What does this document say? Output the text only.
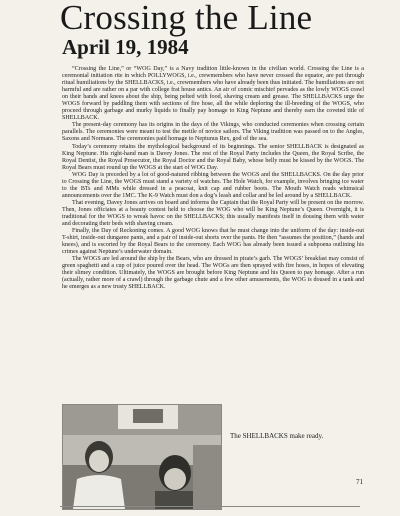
Crossing the Line
April 19, 1984

“Crossing the Line,” or “WOG Day,” is a Navy tradition little-known in the civilian world. Crossing the Line is a ceremonial initiation rite in which POLLYWOGS, i.e., crewmembers who have never crossed the equator, are put through ritual humiliations by the SHELLBACKS, i.e., crewmembers who have already been thus initiated. The humiliations are not harmful and are rather on a par with college frat house antics. An air of comic mischief pervades as the lowly WOGS crawl on their hands and knees about the ship, being pelted with food, shaving cream and grease. The SHELLBACKS urge the WOGS forward by paddling them with sections of fire hose, all the while deploring the ill-breeding of the WOGS, who proceed through garbage and murky liquids to finally pay homage to King Neptune and thereby earn the coveted title of SHELLBACK.

The present-day ceremony has its origins in the days of the Vikings, who conducted ceremonies when crossing certain parallels. The ceremonies were meant to test the mettle of novice sailors. The Viking tradition was passed on to the Angles, Saxons and Normans. The ceremonies paid homage to Neptunus Rex, god of the sea.

Today’s ceremony retains the mythological background of its beginnings. The senior SHELLBACK is designated as King Neptune. His right-hand man is Davey Jones. The rest of the Royal Party includes the Queen, the Royal Scribe, the Royal Dentist, the Royal Prosecutor, the Royal Doctor and the Royal Baby, whose belly must be kissed by the WOGS. The Royal Bears must round up the WOGS at the start of WOG Day.

WOG Day is preceded by a lot of good-natured ribbing between the WOGS and the SHELLBACKS. On the day prior to Crossing the Line, the WOGS must stand a variety of watches. The Hole Watch, for example, involves bringing ice water to the BTs and MMs while dressed in a peacoat, knit cap and rubber boots. The Mouth Watch reads whimsical announcements over the 1MC. The K-9 Watch must don a dog’s leash and collar and be led around by a SHELLBACK.

That evening, Davey Jones arrives on board and informs the Captain that the Royal Party will be present on the morrow. Then, Jones officiates at a beauty contest held to choose the WOG who will be King Neptune’s Queen. Overnight, it is traditional for the WOGS to wreak havoc on the SHELLBACKS; this usually manifests itself in dousing them with water and decorating their beds with shaving cream.

Finally, the Day of Reckoning comes. A good WOG knows that he must change into the uniform of the day: inside-out T-shirt, inside-out dungaree pants, and a pair of inside-out shorts over the pants. He then “assumes the position,” (hands and knees), and is escorted by the Royal Bears to the ceremony. Each WOG has already been issued a subpoena outlining his crimes against Neptune’s underwater domain.

The WOGS are led around the ship by the Bears, who are dressed in pirate’s garb. The WOGS’ breakfast may consist of green spaghetti and a cup of juice poured over the head. The WOGs are then sprayed with fire hoses, in hopes of elevating their slimey condition. Ultimately, the WOGS are brought before King Neptune and his Queen to pay homage. After a run (actually, rather more of a crawl) through the garbage chute and a few other amusements, the WOG is doused in a tank and he emerges as a new trusty SHELLBACK.

The SHELLBACKS make ready.
71
